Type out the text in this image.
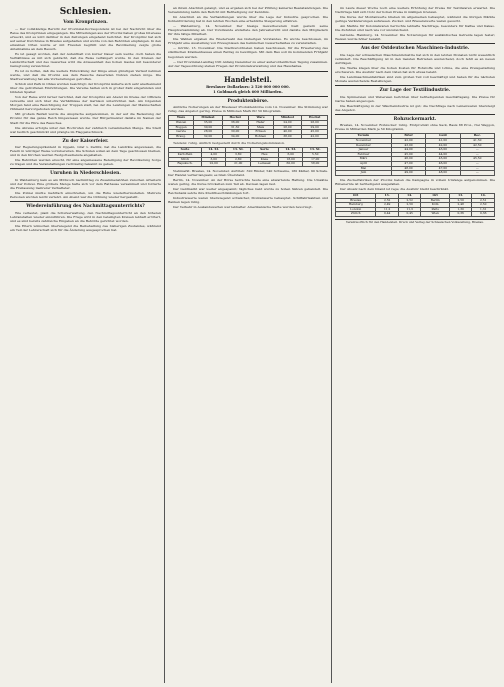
Schlesien.
Vom Kronprinzen.

— Der vollständige Bericht der Provinzial-Korrespondenz ist bei der Nachricht über die Reise des Kronprinzen eingegangen. Die Mitteilungen aus der Provinz haben großes Interesse erweckt, und es wird darüber in den Zeitungen eingehend berichtet. Der Kronprinz hat sich auf seiner Durchreise in Breslau aufgehalten und wurde von den Behörden empfangen. In den einzelnen Orten wurde er mit Freuden begrüßt und die Bevölkerung zeigte große Anteilnahme an dem Besuch.

Es ist gesagt worden, daß der Aufenthalt von kurzer Dauer sein werde; doch haben die Verhältnisse es mit sich gebracht, daß die Reise verlängert wurde. In den Kreisen der Landwirtschaft und des Gewerbes wird die Anwesenheit des hohen Gastes mit besonderer Genugtuung verzeichnet.

Es ist zu hoffen, daß die weitere Entwicklung der Dinge einen günstigen Verlauf nehmen werde, und daß die Provinz aus dem Besuche dauernden Nutzen ziehen möge. Die Stadtverwaltung hat alle Vorbereitungen getroffen.

Schloß und Park in Ohlau wurden besichtigt; der Kronprinz äußerte sich sehr anerkennend über die getroffenen Einrichtungen. Die Vereine hatten sich in großer Zahl eingefunden und bildeten Spalier.

Von der Reise wird ferner berichtet, daß der Kronprinz am Abend im Kreise der Offiziere verweilte und sich über die Verhältnisse der Garnison unterrichten ließ. Am folgenden Morgen fand eine Besichtigung der Truppen statt, bei der die Leistungen der Mannschaften rühmend hervorgehoben wurden.

Mit großem Beifall wurde die Ansprache aufgenommen, in der auf die Bedeutung der Provinz für das ganze Reich hingewiesen wurde. Der Bürgermeister dankte im Namen der Stadt für die Ehre des Besuches.

Die Abreise erfolgte unter den Hochrufen der zahlreich versammelten Menge. Die Stadt war festlich geschmückt und prangte im Flaggenschmuck.

Zu der Kaiserfeier.

Der Regierungspräsident in Oppeln, Graf v. Zedlitz, hat die Landräte angewiesen, die Feiern in würdiger Weise vorzubereiten. Die Schulen sollen an dem Tage geschlossen bleiben, und in den Kirchen werden Festgottesdienste abgehalten.

Die Behörden werden ersucht, für eine angemessene Beteiligung der Bevölkerung Sorge zu tragen und die Veranstaltungen rechtzeitig bekannt zu geben.

Unruhen in Niederschlesien.

In Waldenburg kam es am Mittwoch nachmittag zu Zusammenstößen zwischen Arbeitern und der Polizei. Eine größere Menge hatte sich vor dem Rathause versammelt und forderte die Freilassung mehrerer Verhafteter.

Die Polizei mußte mehrfach einschreiten, um die Ruhe wiederherzustellen. Mehrere Personen wurden leicht verletzt. Am Abend war die Ordnung wieder hergestellt.

Wiedereinführung des Nachmittagsunterrichts?

Wie verlautet, plant die Schulverwaltung, den Nachmittagsunterricht an den höheren Lehranstalten wieder einzuführen. Die Frage wird in den beteiligten Kreisen lebhaft erörtert, und es sind bereits zahlreiche Eingaben an die Behörde gerichtet worden.

Die Eltern wünschen überwiegend die Beibehaltung des bisherigen Zustandes, während ein Teil der Lehrerschaft sich für die Änderung ausgesprochen hat.

an ihrem Abschluß gelangt, und es ergaben sich bei der Prüfung keinerlei Beanstandungen. Die Versammlung nahm den Bericht mit Befriedigung zur Kenntnis.

Im Anschluß an die Verhandlungen wurde über die Lage der Industrie gesprochen. Die Kohlenförderung hat in den letzten Wochen eine erhebliche Steigerung erfahren.

— Waldenburg, 14. November. Der hiesige Gewerbeverein hielt gestern seine Hauptversammlung ab. Der Vorsitzende erstattete den Jahresbericht und dankte den Mitgliedern für ihre tätige Mitarbeit.

Die Wahlen ergaben die Wiederwahl des bisherigen Vorstandes. Es wurde beschlossen, im Frühjahr eine Ausstellung von Erzeugnissen des heimischen Gewerbefleißes zu veranstalten.

— Görlitz, 13. November. Die Stadtverordneten haben beschlossen, für die Erweiterung des städtischen Krankenhauses einen Betrag zu bewilligen. Mit dem Bau soll im kommenden Frühjahr begonnen werden.

— Der Provinzial-Landtag tritt Anfang Dezember zu einer außerordentlichen Tagung zusammen. Auf der Tagesordnung stehen Fragen der Provinzialverwaltung und des Haushaltes.

Handelsteil.
Breslauer Dollarkurs: 2 520 000 000 000.
1 Goldmark gleich 600 Milliarden.
Produktenbörse.

Amtliche Notierungen an der Breslauer Produktenbörse vom 14. November. Die Stimmung war ruhig, das Angebot gering. Preise in Millionen Mark für 50 Kilogramm.

Ware	Mindest	Höchst	Ware	Mindest	Höchst
Weizen	35,00	36,00	Hafer	24,00	26,00
Roggen	30,00	31,50	Mais	28,00	29,00
Gerste	28,00	30,00	Erbsen	40,00	45,00
Braug.	32,00	34,00	Bohnen	38,00	42,00

Tendenz: ruhig. Amtlich festgestellt durch die Notierungskommission.

Sorte	14. XI.	13. XI.	Sorte	14. XI.	13. XI.
Kartoffeln	4,00	3,80	Heu	6,00	5,50
Stroh	3,00	2,80	Kleie	18,00	17,00
Rapskuch.	22,00	21,00	Leinsaat	60,00	58,00

Viehmarkt. Breslau, 14. November. Auftrieb: 320 Rinder, 540 Schweine, 180 Kälber, 90 Schafe. Der Handel verlief langsam; es blieb Überstand.

Berlin, 14. November. An der Börse herrschte heute eine abwartende Haltung. Die Umsätze waren gering, die Kurse bröckelten zum Teil ab. Devisen lagen fest.

Der Geldmarkt war weiter angespannt; tägliches Geld wurde zu hohen Sätzen gehandelt. Die Reichsbank setzte ihre Kreditbeschränkungen fort.

Industriewerte waren überwiegend schwächer, Montanwerte behauptet. Schiffahrtsaktien und Banken lagen ruhig.

Der Verkehr in Auslandswerten war lebhafter. Amerikanische Werte wurden bevorzugt.

im Laufe dieser Woche noch eine weitere Erhöhung der Preise für Textilwaren erwartet. Die Nachfrage hält sich trotz der hohen Preise in mäßigen Grenzen.

Die Kurse der Montanwerte blieben im allgemeinen behauptet, während die übrigen Märkte geringe Veränderungen aufwiesen. Zucker- und Brauereiwerte waren gesucht.

Am Markte für Kolonialwaren herrschte lebhafte Nachfrage, besonders für Kaffee und Kakao. Die Zufuhren sind nach wie vor unzureichend.

Getreide. Hamburg, 14. November. Die Notierungen für ausländisches Getreide lagen fester; Weizen wurde höher bezahlt.

Aus der Ostdeutschen Maschinen-Industrie.

Die Lage der schlesischen Maschinenindustrie hat sich in den letzten Monaten nicht wesentlich verändert. Die Beschäftigung ist in den meisten Betrieben ausreichend, doch fehlt es an neuen Aufträgen.

Die Werke klagen über die hohen Kosten für Rohstoffe und Löhne, die eine Preisgestaltung erschweren. Die Ausfuhr nach dem Osten hat sich etwas belebt.

Die Landmaschinenfabriken sind zum großen Teil voll beschäftigt und haben für die nächsten Monate ausreichende Bestellungen.

Zur Lage der Textilindustrie.

Die Spinnereien und Webereien berichten über befriedigenden Geschäftsgang. Die Preise für Garne haben angezogen.

Die Beschäftigung in der Wäscheindustrie ist gut; die Nachfrage nach Leinenwaren übersteigt das Angebot.

Rohzuckermarkt.

Breslau, 14. November. Rohzucker: ruhig. Erstprodukt ohne Sack, Basis 88 Proz., frei Waggon, Preise in Milliarden Mark je 50 Kilogramm.

Termin	Brief	Geld	Bez.
November	42,00	41,00	41,50
Dezember	43,00	42,00	42,50
Januar	44,00	43,00	—
Februar	45,00	44,00	—
März	46,00	45,00	45,50
April	47,00	46,00	—
Mai	48,00	47,00	—
Juni	49,00	48,00	—

Die Zuckerfabriken der Provinz haben die Kampagne in vollem Umfange aufgenommen. Die Rübenernte ist befriedigend ausgefallen.

Der Absatz nach dem Inland ist rege; die Ausfuhr bleibt beschränkt.

Ort	13.	14.	Ort	13.	14.
Breslau	2,52	2,52	Berlin	2,50	2,51
Hamburg	2,49	2,50	Köln	2,48	2,50
London	11,2	11,3	Paris	1,30	1,31
Zürich	0,44	0,45	Wien	0,36	0,36
Verantwortlich für den Handelsteil. Druck und Verlag der Schlesischen Volkszeitung, Breslau.
